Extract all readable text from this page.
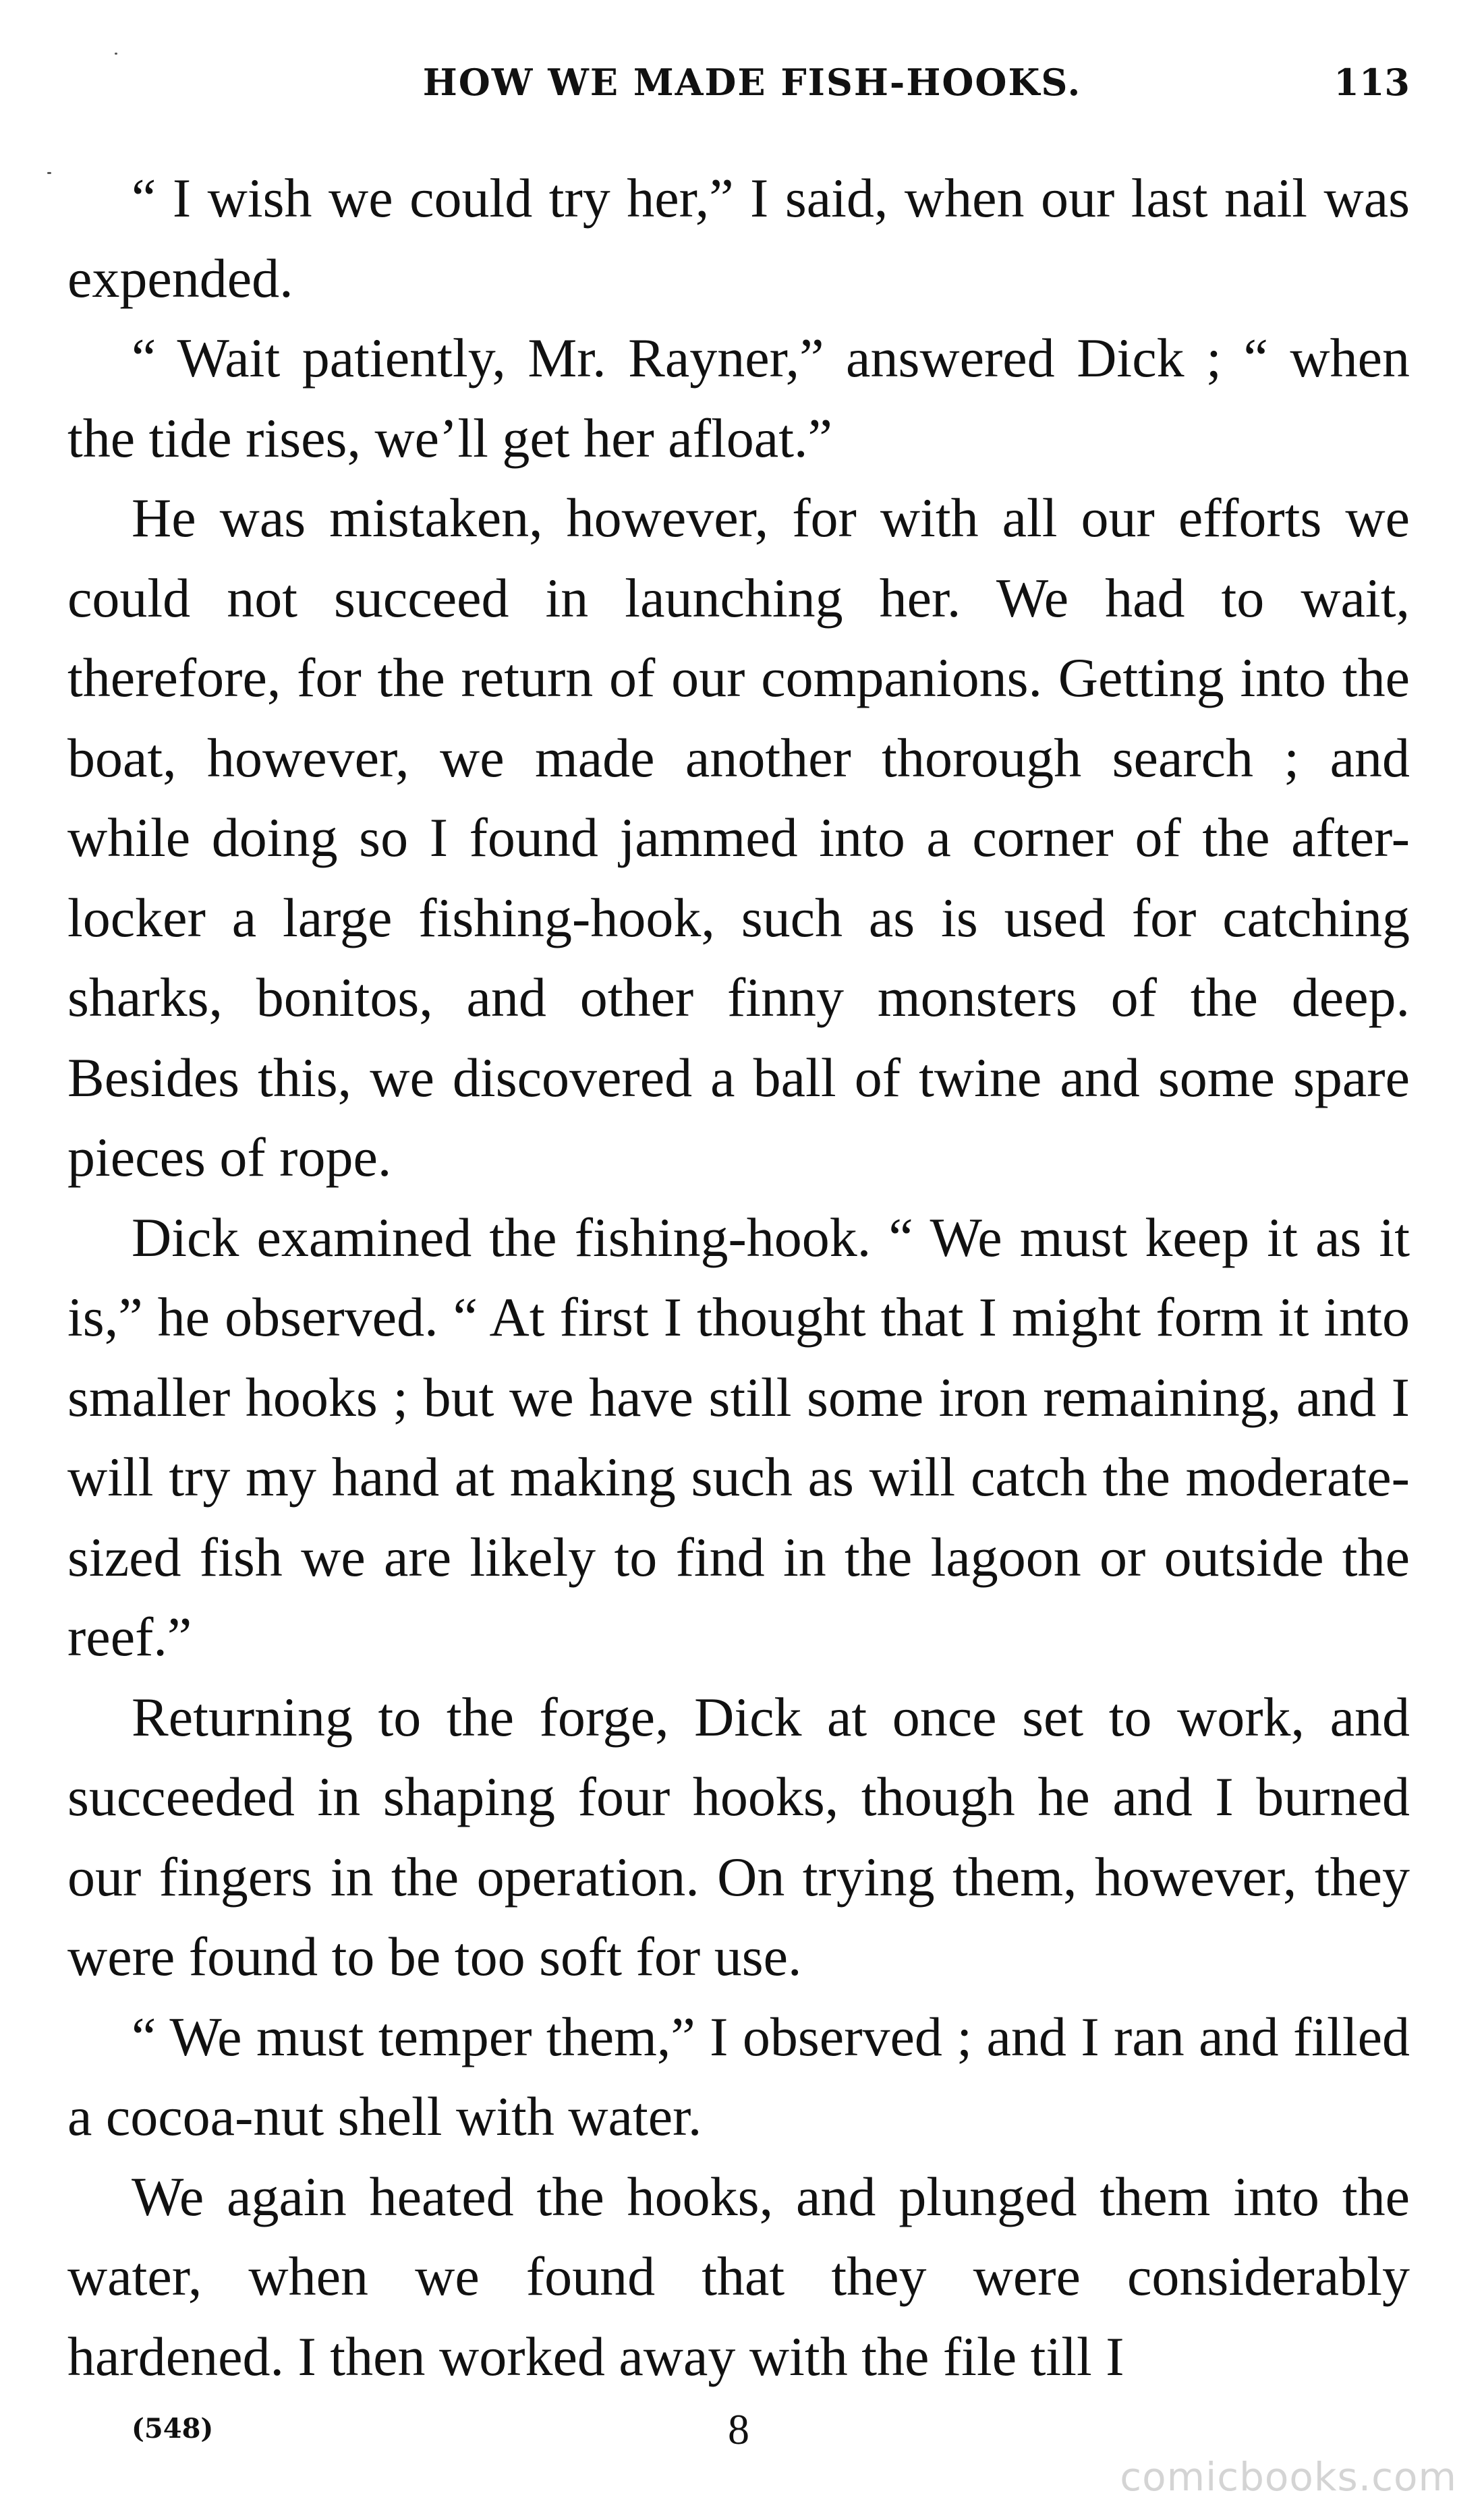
HOW WE MADE FISH-HOOKS.	113

“ I wish we could try her,” I said, when our last nail was expended.

“ Wait patiently, Mr. Rayner,” answered Dick ; “ when the tide rises, we’ll get her afloat.”

He was mistaken, however, for with all our efforts we could not succeed in launching her. We had to wait, therefore, for the return of our companions. Getting into the boat, however, we made another thorough search ; and while doing so I found jammed into a corner of the after-locker a large fishing-hook, such as is used for catching sharks, bonitos, and other finny monsters of the deep. Besides this, we discovered a ball of twine and some spare pieces of rope.

Dick examined the fishing-hook. “ We must keep it as it is,” he observed. “ At first I thought that I might form it into smaller hooks ; but we have still some iron remaining, and I will try my hand at making such as will catch the moderate-sized fish we are likely to find in the lagoon or outside the reef.”

Returning to the forge, Dick at once set to work, and succeeded in shaping four hooks, though he and I burned our fingers in the operation. On trying them, however, they were found to be too soft for use.

“ We must temper them,” I observed ; and I ran and filled a cocoa-nut shell with water.

We again heated the hooks, and plunged them into the water, when we found that they were considerably hardened. I then worked away with the file till I

(548)	8
comicbooks.com
